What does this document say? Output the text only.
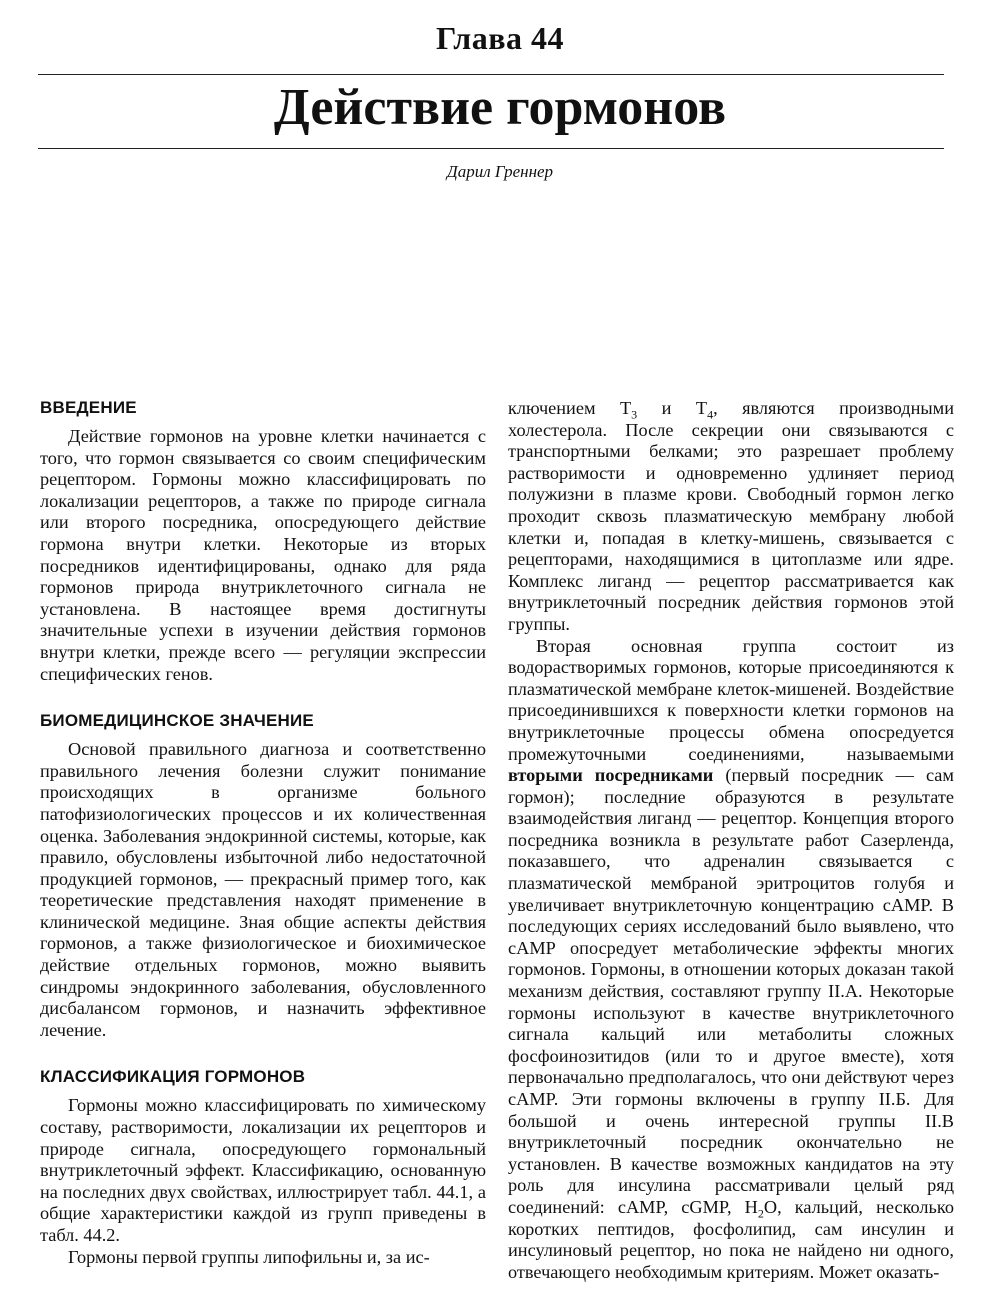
Глава 44
Действие гормонов
Дарил Греннер
ВВЕДЕНИЕ

Действие гормонов на уровне клетки начинается с того, что гормон связывается со своим специфическим рецептором. Гормоны можно классифицировать по локализации рецепторов, а также по природе сигнала или второго посредника, опосредующего действие гормона внутри клетки. Некоторые из вторых посредников идентифицированы, однако для ряда гормонов природа внутриклеточного сигнала не установлена. В настоящее время достигнуты значительные успехи в изучении действия гормонов внутри клетки, прежде всего — регуляции экспрессии специфических генов.

БИОМЕДИЦИНСКОЕ ЗНАЧЕНИЕ

Основой правильного диагноза и соответственно правильного лечения болезни служит понимание происходящих в организме больного патофизиологических процессов и их количественная оценка. Заболевания эндокринной системы, которые, как правило, обусловлены избыточной либо недостаточной продукцией гормонов, — прекрасный пример того, как теоретические представления находят применение в клинической медицине. Зная общие аспекты действия гормонов, а также физиологическое и биохимическое действие отдельных гормонов, можно выявить синдромы эндокринного заболевания, обусловленного дисбалансом гормонов, и назначить эффективное лечение.

КЛАССИФИКАЦИЯ ГОРМОНОВ

Гормоны можно классифицировать по химическому составу, растворимости, локализации их рецепторов и природе сигнала, опосредующего гормональный внутриклеточный эффект. Классификацию, основанную на последних двух свойствах, иллюстрирует табл. 44.1, а общие характеристики каждой из групп приведены в табл. 44.2.

Гормоны первой группы липофильны и, за ис-

ключением $T_3$ и $T_4$, являются производными холестерола. После секреции они связываются с транспортными белками; это разрешает проблему растворимости и одновременно удлиняет период полужизни в плазме крови. Свободный гормон легко проходит сквозь плазматическую мембрану любой клетки и, попадая в клетку-мишень, связывается с рецепторами, находящимися в цитоплазме или ядре. Комплекс лиганд — рецептор рассматривается как внутриклеточный посредник действия гормонов этой группы.

Вторая основная группа состоит из водорастворимых гормонов, которые присоединяются к плазматической мембране клеток-мишеней. Воздействие присоединившихся к поверхности клетки гормонов на внутриклеточные процессы обмена опосредуется промежуточными соединениями, называемыми вторыми посредниками (первый посредник — сам гормон); последние образуются в результате взаимодействия лиганд — рецептор. Концепция второго посредника возникла в результате работ Сазерленда, показавшего, что адреналин связывается с плазматической мембраной эритроцитов голубя и увеличивает внутриклеточную концентрацию cAMP. В последующих сериях исследований было выявлено, что cAMP опосредует метаболические эффекты многих гормонов. Гормоны, в отношении которых доказан такой механизм действия, составляют группу II.A. Некоторые гормоны используют в качестве внутриклеточного сигнала кальций или метаболиты сложных фосфоинозитидов (или то и другое вместе), хотя первоначально предполагалось, что они действуют через cAMP. Эти гормоны включены в группу II.Б. Для большой и очень интересной группы II.B внутриклеточный посредник окончательно не установлен. В качестве возможных кандидатов на эту роль для инсулина рассматривали целый ряд соединений: cAMP, cGMP, $H_2O$, кальций, несколько коротких пептидов, фосфолипид, сам инсулин и инсулиновый рецептор, но пока не найдено ни одного, отвечающего необходимым критериям. Может оказать-
